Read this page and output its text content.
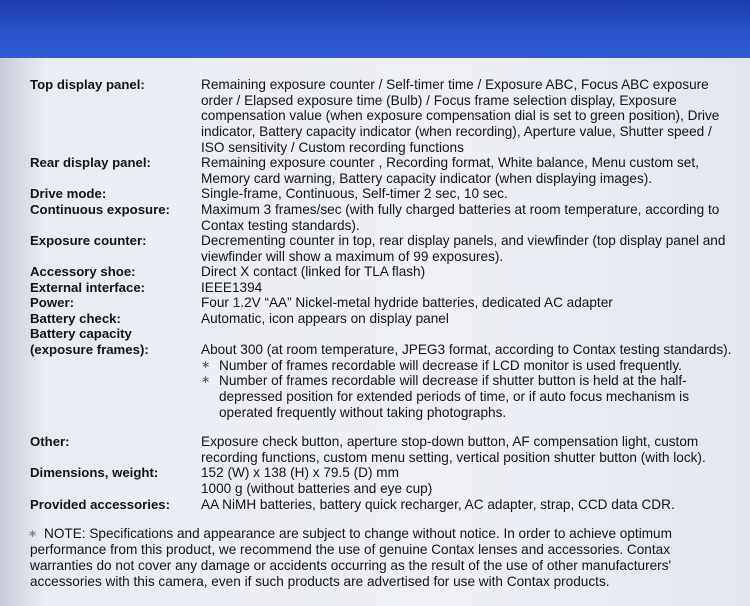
Top display panel:	Remaining exposure counter / Self-timer time / Exposure ABC, Focus ABC exposure order / Elapsed exposure time (Bulb) / Focus frame selection display, Exposure compensation value (when exposure compensation dial is set to green position), Drive indicator, Battery capacity indicator (when recording), Aperture value, Shutter speed / ISO sensitivity / Custom recording functions
Rear display panel:	Remaining exposure counter , Recording format, White balance, Menu custom set, Memory card warning, Battery capacity indicator (when displaying images).
Drive mode:	Single-frame, Continuous, Self-timer 2 sec, 10 sec.
Continuous exposure:	Maximum 3 frames/sec (with fully charged batteries at room temperature, according to Contax testing standards).
Exposure counter:	Decrementing counter in top, rear display panels, and viewfinder (top display panel and viewfinder will show a maximum of 99 exposures).
Accessory shoe:	Direct X contact (linked for TLA flash)
External interface:	IEEE1394
Power:	Four 1.2V “AA” Nickel-metal hydride batteries, dedicated AC adapter
Battery check:	Automatic, icon appears on display panel
Battery capacity
(exposure frames):	About 300 (at room temperature, JPEG3 format, according to Contax testing standards).
∗ Number of frames recordable will decrease if LCD monitor is used frequently.
∗ Number of frames recordable will decrease if shutter button is held at the half-depressed position for extended periods of time, or if auto focus mechanism is operated frequently without taking photographs.
Other:	Exposure check button, aperture stop-down button, AF compensation light, custom recording functions, custom menu setting, vertical position shutter button (with lock).
Dimensions, weight:	152 (W) x 138 (H) x 79.5 (D) mm
1000 g (without batteries and eye cup)
Provided accessories:	AA NiMH batteries, battery quick recharger, AC adapter, strap, CCD data CDR.
∗ NOTE: Specifications and appearance are subject to change without notice. In order to achieve optimum performance from this product, we recommend the use of genuine Contax lenses and accessories. Contax warranties do not cover any damage or accidents occurring as the result of the use of other manufacturers' accessories with this camera, even if such products are advertised for use with Contax products.
